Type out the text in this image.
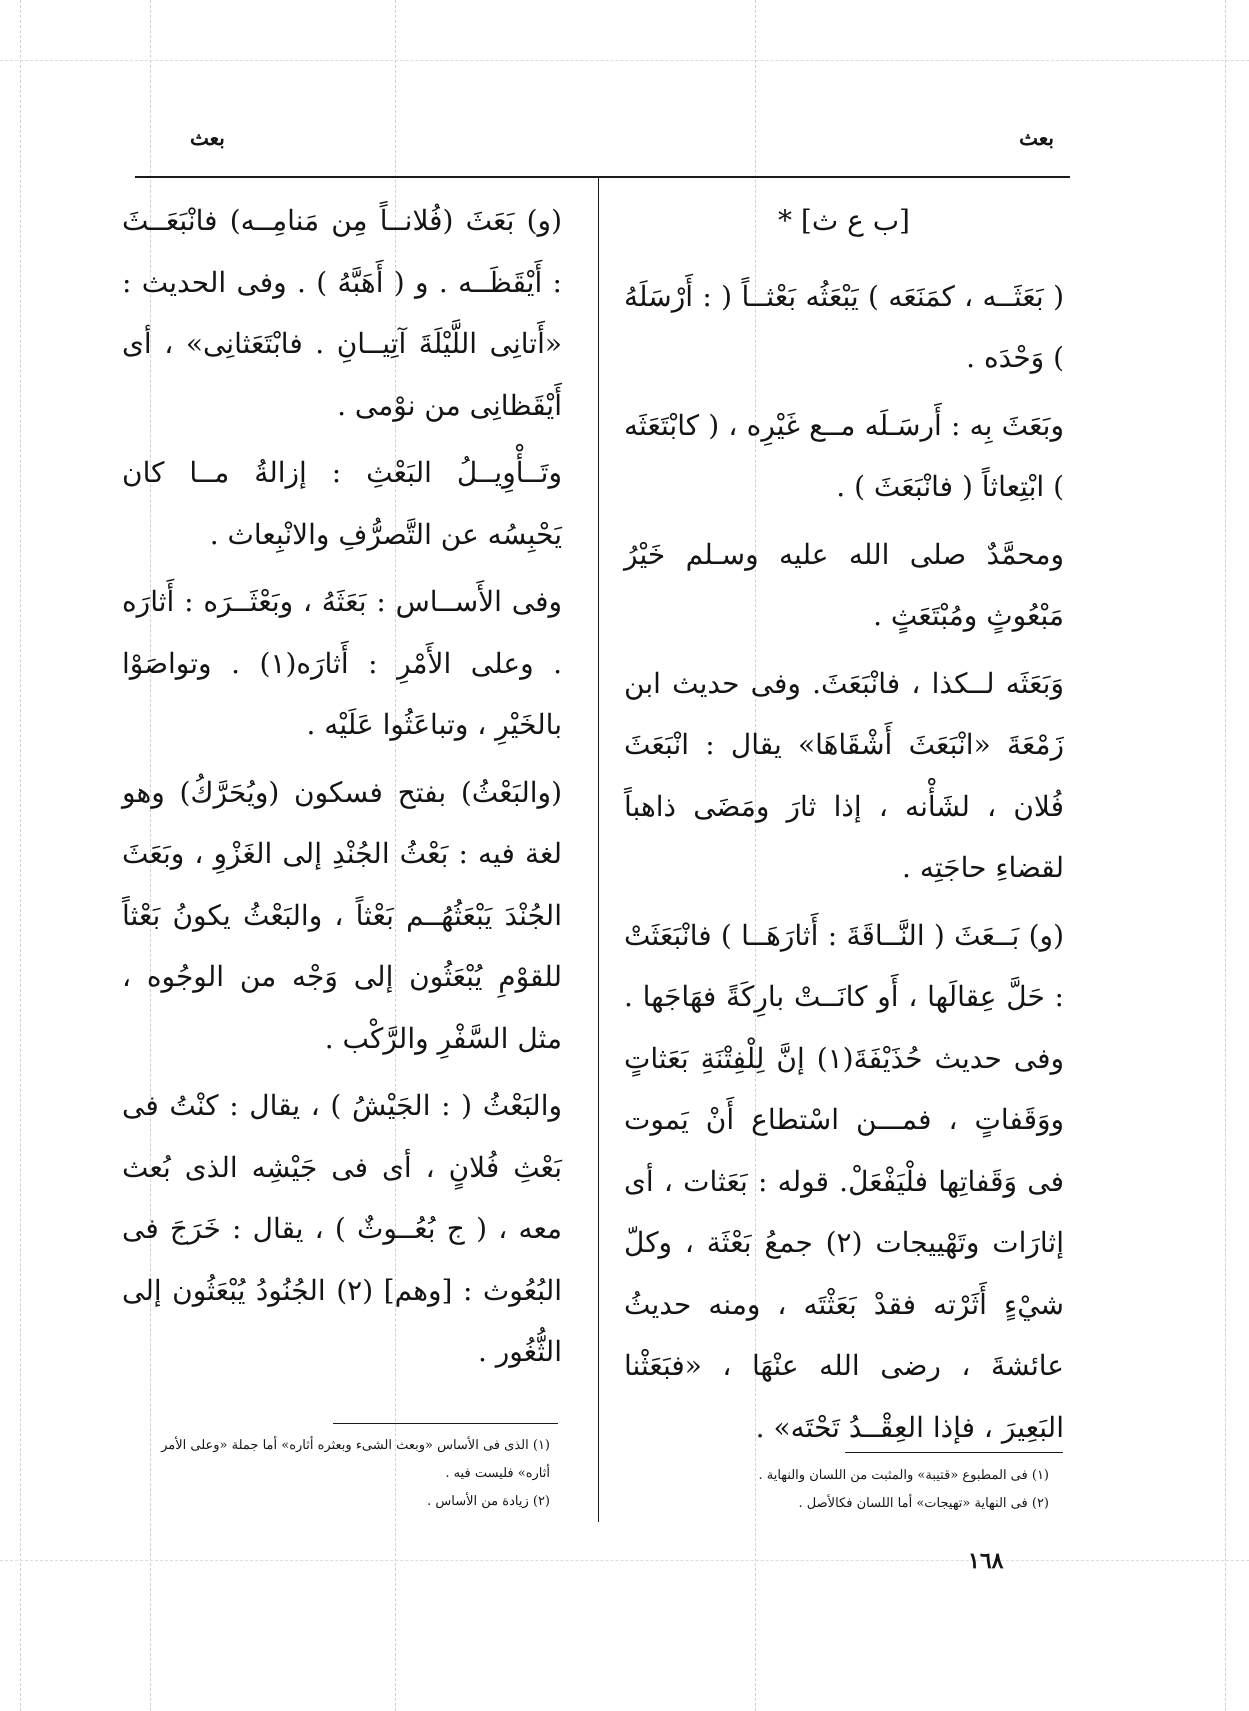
بعث
بعث

[ب ع ث] *

( بَعَثَــه ، كمَنَعَه ) يَبْعَثُه بَعْثــاً ( : أَرْسَلَهُ ) وَحْدَه .

وبَعَثَ بِه : أَرسَـلَه مــع غَيْرِه ، ( كابْتَعَثَه ) ابْتِعاثاً ( فانْبَعَثَ ) .

ومحمَّدٌ صلى الله عليه وسـلم خَيْرُ مَبْعُوثٍ ومُبْتَعَثٍ .

وَبَعَثَه لــكذا ، فانْبَعَثَ. وفى حديث ابن زَمْعَةَ «انْبَعَثَ أَشْقَاهَا» يقال : انْبَعَثَ فُلان ، لشَأْنه ، إذا ثارَ ومَضَى ذاهباً لقضاءِ حاجَتِه .

(و) بَــعَثَ ( النَّــاقَةَ : أَثارَهَــا ) فانْبَعَثَتْ : حَلَّ عِقالَها ، أَو كانَــتْ بارِكَةً فهَاجَها . وفى حديث حُذَيْفَةَ(١) إنَّ لِلْفِتْنَةِ بَعَثاتٍ ووَقَفاتٍ ، فمـــن اسْتطاع أَنْ يَموت فى وَقَفاتِها فلْيَفْعَلْ. قوله : بَعَثات ، أى إثارَات وتَهْييجات (٢) جمعُ بَعْثَة ، وكلّ شيْءٍ أَثَرْته فقدْ بَعَثْتَه ، ومنه حديثُ عائشةَ ، رضى الله عنْهَا ، «فبَعَثْنا البَعِيرَ ، فإذا العِقْــدُ تَحْتَه» .

(و) بَعَثَ (فُلانــاً مِن مَنامِــه) فانْبَعَــثَ : أَيْقَظَــه . و ( أَهَبَّهُ ) . وفى الحديث : «أَتانِى اللَّيْلَةَ آتِيــانِ . فابْتَعَثانِى» ، أى أَيْقَظانِى من نوْمى .

وتَــأْوِيــلُ البَعْثِ : إزالةُ مــا كان يَحْبِسُه عن التَّصرُّفِ والانْبِعاث .

وفى الأَســاس : بَعَثَهُ ، وبَعْثَــرَه : أَثارَه . وعلى الأَمْرِ : أَثارَه(١) . وتواصَوْا بالخَيْرِ ، وتباعَثُوا عَلَيْه .

(والبَعْثُ) بفتح فسكون (ويُحَرَّكُ) وهو لغة فيه : بَعْثُ الجُنْدِ إلى الغَزْوِ ، وبَعَثَ الجُنْدَ يَبْعَثُهُــم بَعْثاً ، والبَعْثُ يكونُ بَعْثاً للقوْمِ يُبْعَثُون إلى وَجْه من الوجُوه ، مثل السَّفْرِ والرَّكْب .

والبَعْثُ ( : الجَيْشُ ) ، يقال : كنْتُ فى بَعْثِ فُلانٍ ، أى فى جَيْشِه الذى بُعث معه ، ( ج بُعُــوثٌ ) ، يقال : خَرَجَ فى البُعُوث : [وهم] (٢) الجُنُودُ يُبْعَثُون إلى الثُّغُور .

(١) الذى فى الأساس «وبعث الشىء وبعثره أثاره» أما جملة «وعلى الأمر أثاره» فليست فيه .

(٢) زيادة من الأساس .

(١) فى المطبوع «قتيبة» والمثبت من اللسان والنهاية .

(٢) فى النهاية «تهيجات» أما اللسان فكالأصل .

١٦٨
